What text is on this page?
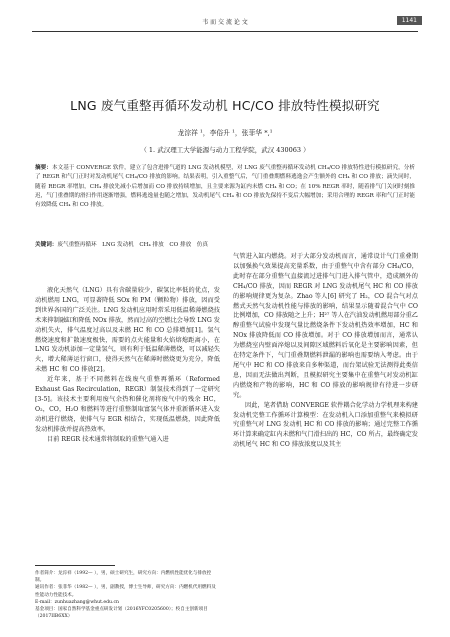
韦 而 交 流 论 文	1141
LNG 废气重整再循环发动机 HC/CO 排放特性模拟研究
龙淙祥 ¹，李俗升 ¹，张菲华 *,¹
（ 1. 武汉理工大学能源与动力工程学院，武汉 430063 ）
摘要：本文基于 CONVERGE 软件，建立了包含进排气道的 LNG 发动机模型，对 LNG 废气重整再循环发动机 CH₄/CO 排放特性进行模拟研究，分析了 REGR 和气门正时对发动机尾气 CH₄/CO 排放的影响。结果表明，引入重整气后，气门重叠期燃料逃逸会产生额外的 CH₄ 和 CO 排放；滴失同时，随着 REGR 率增加，CH₄ 排放先减小后增加而 CO 排放持续增加，且主要来源为缸内未燃 CH₄ 和 CO；在 10% REGR 率时，随着排气门关闭时刻推迟，气门重叠期的滑扫作用逐渐增强，燃料逃逸量也随之增加，发动机尾气 CH₄ 和 CO 排放先保持不变后大幅增加；采用合理的 REGR 率和气门正时能有效降低 CH₄ 和 CO 排放。
关键词：废气重整再循环　LNG 发动机　CH₄ 排放　CO 排放　仿真

液化天然气（LNG）具有含碳量较少，碳氢比率低的优点，发动机燃用 LNG，可显著降低 SOx 和 PM（颗粒物）排放，因而受到世界各国的广泛关注。LNG 发动机应用时常采用低温稀薄燃烧技术来抑制融缸和降低 NOx 排放，然而过高的空燃比会导致 LNG 发动机失火，排气温度过高以及未燃 HC 和 CO 总排增加[1]。氢气燃烧速度和扩散速度极快，需要的点火能量和火焰熔熄距离小，在 LNG 发动机添加一定量氢气，则有利于低温稀薄燃烧，可以减轻失火，增大稀薄运行窗口，使得天然气在稀薄时燃烧更为充分，降低未燃 HC 和 CO 排放[2]。

近年来，基于不同燃料在线废气重整再循环（Reformed Exhaust Gas Recirculation，REGR）制氢技术得到了一定研究[3-5]。该技术主要利用废气余热和催化剂将废气中的残余 HC，O₂，CO，H₂O 和燃料等进行重整制取富氢气体并重新循环进入发动机进行燃烧，使排气与 EGR 相结合，实现低温燃烧，因此降低发动机排放并提高热效率。

目前 REGR 技术通常将制取的重整气通入进

气管进入缸内燃烧。对于大部分发动机而言，通常设计气门重叠期以加强换气效果提高充量系数，由于重整气中含有部分 CH₄/CO，此时存在部分重整气直接流过进排气门进入排气管中，造成额外的 CH₄/CO 排放，因而 REGR 对 LNG 发动机尾气 HC 和 CO 排放的影响规律更为复杂。Zhao 等人[6] 研究了 H₂，CO 混合气对点燃式天然气发动机性能与排放的影响，结果显示随着混合气中 CO 比例增加，CO 排放随之上升；H²⁷ 等人在汽油发动机燃用部分重乙醇重整气试验中发现气量比燃烧条件下发动机热效率增加，HC 和 NOx 排放降低而 CO 排放增加。对于 CO 排放增加而言，通常认为燃烧室内壁面淬熄以及间隙区域燃料后氧化是主要影响因素，但在特定条件下，气门重叠期燃料泄漏的影响也需要纳入考虑。由于尾气中 HC 和 CO 排放来自多种渠道，而台架试验无法测得此类信息，因而无法做出判断，且模拟研究主要集中在重整气对发动机缸内燃烧和产物的影响，HC 和 CO 排放的影响规律有待进一步研究。

因此，笔者借助 CONVERGE 软件耦合化学动力学机理来构建发动机完整工作循环计算模型：在发动机入口添加重整气来模拟研究重整气对 LNG 发动机 HC 和 CO 排放的影响；通过完整工作循环计算来确定缸内未燃和气门滑扫出的 HC，CO 所占，最终确定发动机尾气 HC 和 CO 排放浓度以及其主

作者简介：龙淙祥（1992— ），男，硕士研究生，研究方向：内燃机性能优化与排放控制。
通讯作者：张菲华（1982— ），男，副教授，博士生导师，研究方向：内燃机代用燃料及性能动力性能技术。
E-mail：zunhuazhang@whut.edu.cn
基金项目：国家自然科学基金重点研发计划（2016YFC0205600）；校自主创新项目（2017IIB6XX）
